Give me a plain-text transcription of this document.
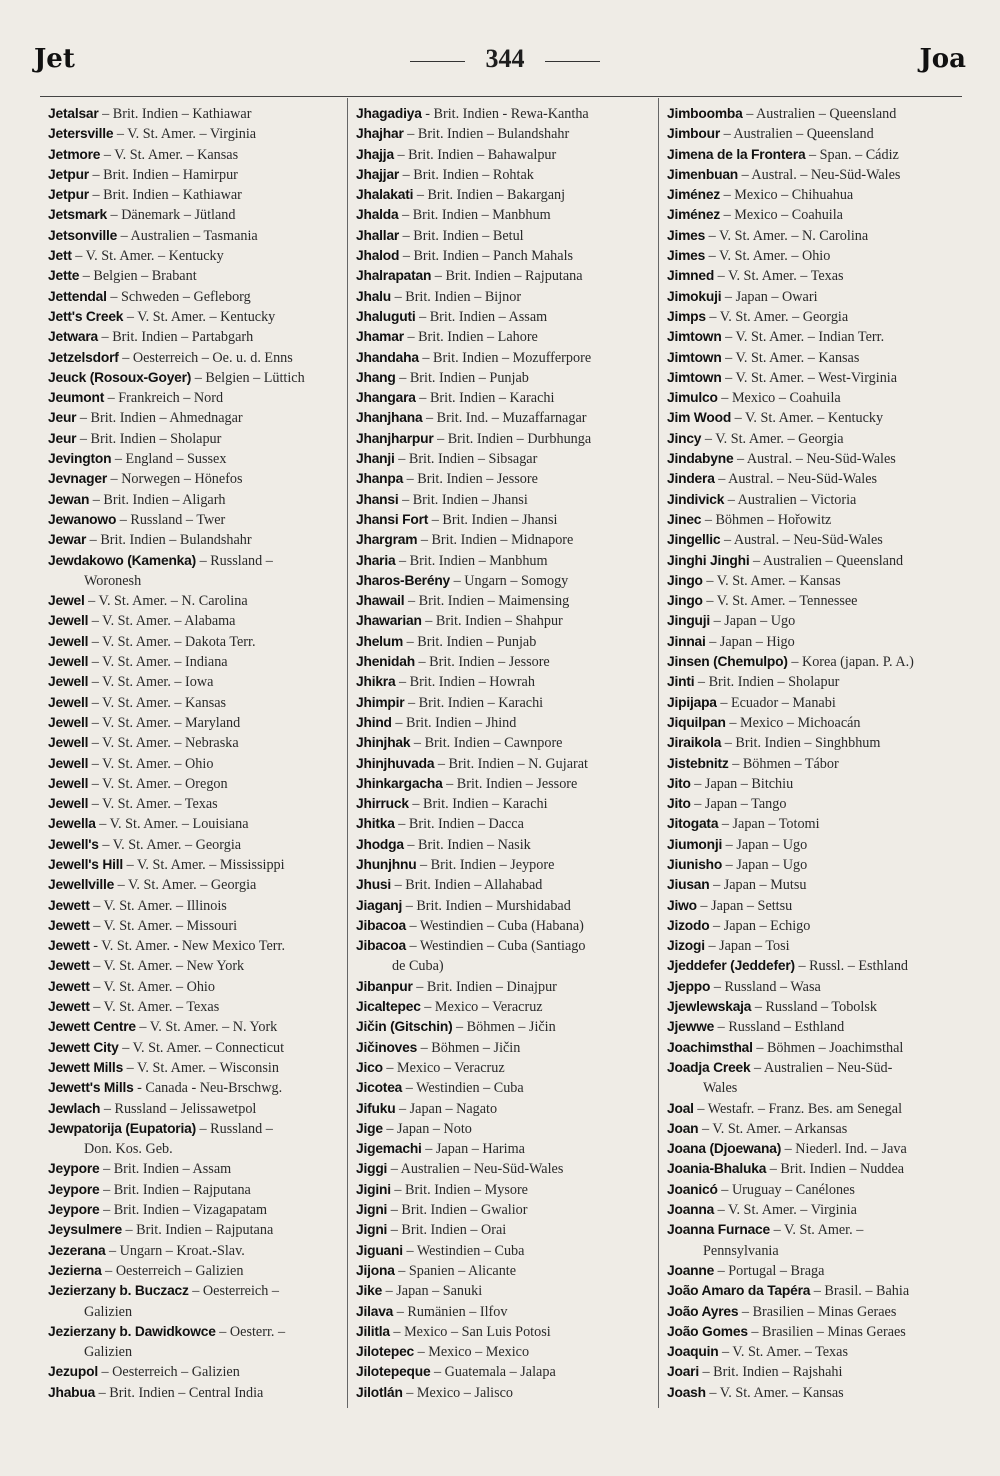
Jet	344	Joa
Jetalsar – Brit. Indien – Kathiawar
Jetersville – V. St. Amer. – Virginia
Jetmore – V. St. Amer. – Kansas
Jetpur – Brit. Indien – Hamirpur
Jetpur – Brit. Indien – Kathiawar
Jetsmark – Dänemark – Jütland
Jetsonville – Australien – Tasmania
Jett – V. St. Amer. – Kentucky
Jette – Belgien – Brabant
Jettendal – Schweden – Gefleborg
Jett's Creek – V. St. Amer. – Kentucky
Jetwara – Brit. Indien – Partabgarh
Jetzelsdorf – Oesterreich – Oe. u. d. Enns
Jeuck (Rosoux-Goyer) – Belgien – Lüttich
Jeumont – Frankreich – Nord
Jeur – Brit. Indien – Ahmednagar
Jeur – Brit. Indien – Sholapur
Jevington – England – Sussex
Jevnager – Norwegen – Hönefos
Jewan – Brit. Indien – Aligarh
Jewanowo – Russland – Twer
Jewar – Brit. Indien – Bulandshahr
Jewdakowo (Kamenka) – Russland –
Woronesh
Jewel – V. St. Amer. – N. Carolina
Jewell – V. St. Amer. – Alabama
Jewell – V. St. Amer. – Dakota Terr.
Jewell – V. St. Amer. – Indiana
Jewell – V. St. Amer. – Iowa
Jewell – V. St. Amer. – Kansas
Jewell – V. St. Amer. – Maryland
Jewell – V. St. Amer. – Nebraska
Jewell – V. St. Amer. – Ohio
Jewell – V. St. Amer. – Oregon
Jewell – V. St. Amer. – Texas
Jewella – V. St. Amer. – Louisiana
Jewell's – V. St. Amer. – Georgia
Jewell's Hill – V. St. Amer. – Mississippi
Jewellville – V. St. Amer. – Georgia
Jewett – V. St. Amer. – Illinois
Jewett – V. St. Amer. – Missouri
Jewett - V. St. Amer. - New Mexico Terr.
Jewett – V. St. Amer. – New York
Jewett – V. St. Amer. – Ohio
Jewett – V. St. Amer. – Texas
Jewett Centre – V. St. Amer. – N. York
Jewett City – V. St. Amer. – Connecticut
Jewett Mills – V. St. Amer. – Wisconsin
Jewett's Mills - Canada - Neu-Brschwg.
Jewlach – Russland – Jelissawetpol
Jewpatorija (Eupatoria) – Russland –
Don. Kos. Geb.
Jeypore – Brit. Indien – Assam
Jeypore – Brit. Indien – Rajputana
Jeypore – Brit. Indien – Vizagapatam
Jeysulmere – Brit. Indien – Rajputana
Jezerana – Ungarn – Kroat.-Slav.
Jezierna – Oesterreich – Galizien
Jezierzany b. Buczacz – Oesterreich –
Galizien
Jezierzany b. Dawidkowce – Oesterr. –
Galizien
Jezupol – Oesterreich – Galizien
Jhabua – Brit. Indien – Central India
Jhagadiya - Brit. Indien - Rewa-Kantha
Jhajhar – Brit. Indien – Bulandshahr
Jhajja – Brit. Indien – Bahawalpur
Jhajjar – Brit. Indien – Rohtak
Jhalakati – Brit. Indien – Bakarganj
Jhalda – Brit. Indien – Manbhum
Jhallar – Brit. Indien – Betul
Jhalod – Brit. Indien – Panch Mahals
Jhalrapatan – Brit. Indien – Rajputana
Jhalu – Brit. Indien – Bijnor
Jhaluguti – Brit. Indien – Assam
Jhamar – Brit. Indien – Lahore
Jhandaha – Brit. Indien – Mozufferpore
Jhang – Brit. Indien – Punjab
Jhangara – Brit. Indien – Karachi
Jhanjhana – Brit. Ind. – Muzaffarnagar
Jhanjharpur – Brit. Indien – Durbhunga
Jhanji – Brit. Indien – Sibsagar
Jhanpa – Brit. Indien – Jessore
Jhansi – Brit. Indien – Jhansi
Jhansi Fort – Brit. Indien – Jhansi
Jhargram – Brit. Indien – Midnapore
Jharia – Brit. Indien – Manbhum
Jharos-Berény – Ungarn – Somogy
Jhawail – Brit. Indien – Maimensing
Jhawarian – Brit. Indien – Shahpur
Jhelum – Brit. Indien – Punjab
Jhenidah – Brit. Indien – Jessore
Jhikra – Brit. Indien – Howrah
Jhimpir – Brit. Indien – Karachi
Jhind – Brit. Indien – Jhind
Jhinjhak – Brit. Indien – Cawnpore
Jhinjhuvada – Brit. Indien – N. Gujarat
Jhinkargacha – Brit. Indien – Jessore
Jhirruck – Brit. Indien – Karachi
Jhitka – Brit. Indien – Dacca
Jhodga – Brit. Indien – Nasik
Jhunjhnu – Brit. Indien – Jeypore
Jhusi – Brit. Indien – Allahabad
Jiaganj – Brit. Indien – Murshidabad
Jibacoa – Westindien – Cuba (Habana)
Jibacoa – Westindien – Cuba (Santiago
de Cuba)
Jibanpur – Brit. Indien – Dinajpur
Jicaltepec – Mexico – Veracruz
Jičin (Gitschin) – Böhmen – Jičin
Jičinoves – Böhmen – Jičin
Jico – Mexico – Veracruz
Jicotea – Westindien – Cuba
Jifuku – Japan – Nagato
Jige – Japan – Noto
Jigemachi – Japan – Harima
Jiggi – Australien – Neu-Süd-Wales
Jigini – Brit. Indien – Mysore
Jigni – Brit. Indien – Gwalior
Jigni – Brit. Indien – Orai
Jiguani – Westindien – Cuba
Jijona – Spanien – Alicante
Jike – Japan – Sanuki
Jilava – Rumänien – Ilfov
Jilitla – Mexico – San Luis Potosi
Jilotepec – Mexico – Mexico
Jilotepeque – Guatemala – Jalapa
Jilotlán – Mexico – Jalisco
Jimboomba – Australien – Queensland
Jimbour – Australien – Queensland
Jimena de la Frontera – Span. – Cádiz
Jimenbuan – Austral. – Neu-Süd-Wales
Jiménez – Mexico – Chihuahua
Jiménez – Mexico – Coahuila
Jimes – V. St. Amer. – N. Carolina
Jimes – V. St. Amer. – Ohio
Jimned – V. St. Amer. – Texas
Jimokuji – Japan – Owari
Jimps – V. St. Amer. – Georgia
Jimtown – V. St. Amer. – Indian Terr.
Jimtown – V. St. Amer. – Kansas
Jimtown – V. St. Amer. – West-Virginia
Jimulco – Mexico – Coahuila
Jim Wood – V. St. Amer. – Kentucky
Jincy – V. St. Amer. – Georgia
Jindabyne – Austral. – Neu-Süd-Wales
Jindera – Austral. – Neu-Süd-Wales
Jindivick – Australien – Victoria
Jinec – Böhmen – Hořowitz
Jingellic – Austral. – Neu-Süd-Wales
Jinghi Jinghi – Australien – Queensland
Jingo – V. St. Amer. – Kansas
Jingo – V. St. Amer. – Tennessee
Jinguji – Japan – Ugo
Jinnai – Japan – Higo
Jinsen (Chemulpo) – Korea (japan. P. A.)
Jinti – Brit. Indien – Sholapur
Jipijapa – Ecuador – Manabi
Jiquilpan – Mexico – Michoacán
Jiraikola – Brit. Indien – Singhbhum
Jistebnitz – Böhmen – Tábor
Jito – Japan – Bitchiu
Jito – Japan – Tango
Jitogata – Japan – Totomi
Jiumonji – Japan – Ugo
Jiunisho – Japan – Ugo
Jiusan – Japan – Mutsu
Jiwo – Japan – Settsu
Jizodo – Japan – Echigo
Jizogi – Japan – Tosi
Jjeddefer (Jeddefer) – Russl. – Esthland
Jjeppo – Russland – Wasa
Jjewlewskaja – Russland – Tobolsk
Jjewwe – Russland – Esthland
Joachimsthal – Böhmen – Joachimsthal
Joadja Creek – Australien – Neu-Süd-
Wales
Joal – Westafr. – Franz. Bes. am Senegal
Joan – V. St. Amer. – Arkansas
Joana (Djoewana) – Niederl. Ind. – Java
Joania-Bhaluka – Brit. Indien – Nuddea
Joanicó – Uruguay – Canélones
Joanna – V. St. Amer. – Virginia
Joanna Furnace – V. St. Amer. –
Pennsylvania
Joanne – Portugal – Braga
João Amaro da Tapéra – Brasil. – Bahia
João Ayres – Brasilien – Minas Geraes
João Gomes – Brasilien – Minas Geraes
Joaquin – V. St. Amer. – Texas
Joari – Brit. Indien – Rajshahi
Joash – V. St. Amer. – Kansas
